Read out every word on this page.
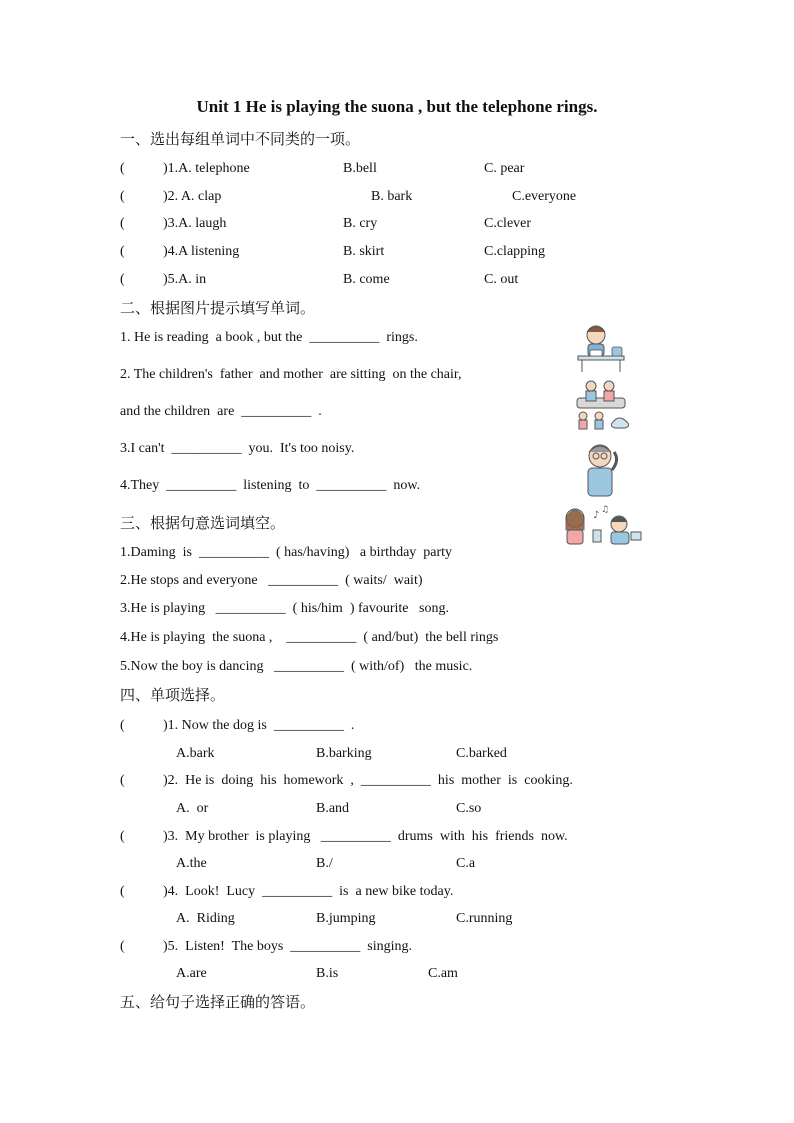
Unit 1 He is playing the suona , but the telephone rings.
一、选出每组单词中不同类的一项。
(	)1.A. telephone	B.bell	C. pear
(	)2. A. clap	B. bark	C.everyone
(	)3.A. laugh	B. cry	C.clever
(	)4.A listening	B. skirt	C.clapping
(	)5.A. in	B. come	C. out
二、根据图片提示填写单词。
1. He is reading  a book , but the  __________  rings.
2. The children's  father  and mother  are sitting  on the chair,
and the children  are  __________  .
3.I can't  __________  you.  It's too noisy.
4.They  __________  listening  to  __________  now.
♪ ♫
三、根据句意选词填空。
1.Daming  is  __________  ( has/having)   a birthday  party
2.He stops and everyone   __________  ( waits/  wait)
3.He is playing   __________  ( his/him  ) favourite   song.
4.He is playing  the suona ,    __________  ( and/but)  the bell rings
5.Now the boy is dancing   __________  ( with/of)   the music.
四、单项选择。
(	)1. Now the dog is  __________  .
A.bark	B.barking	C.barked
(	)2.  He is  doing  his  homework  ,  __________  his  mother  is  cooking.
A.  or	B.and	C.so
(	)3.  My brother  is playing   __________  drums  with  his  friends  now.
A.the	B./	C.a
(	)4.  Look!  Lucy  __________  is  a new bike today.
A.  Riding	B.jumping	C.running
(	)5.  Listen!  The boys  __________  singing.
A.are	B.is	C.am
五、给句子选择正确的答语。
